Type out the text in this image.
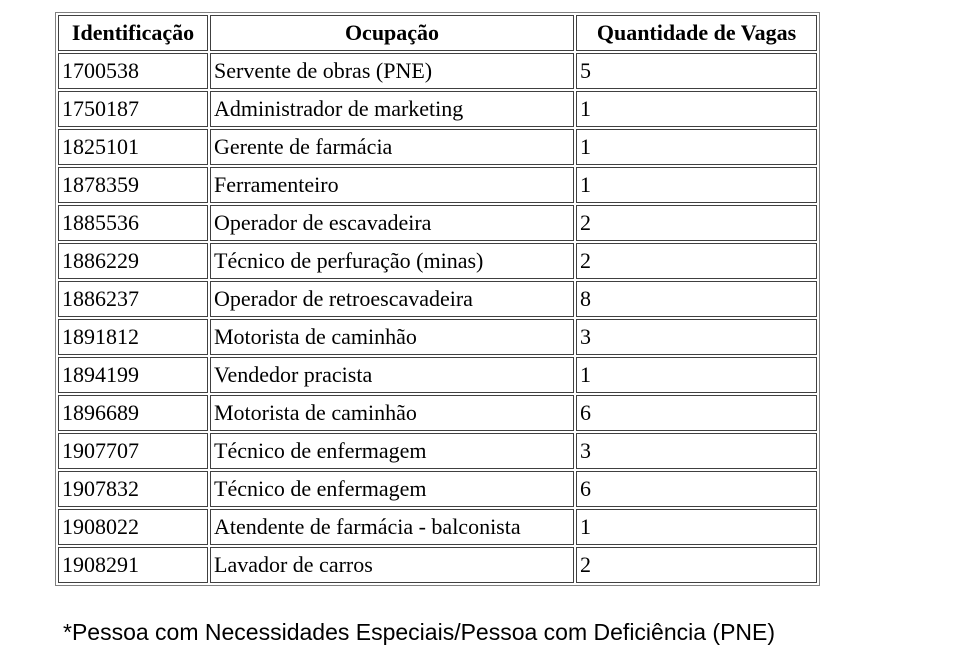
Identificação	Ocupação	Quantidade de Vagas
1700538	Servente de obras (PNE)	5
1750187	Administrador de marketing	1
1825101	Gerente de farmácia	1
1878359	Ferramenteiro	1
1885536	Operador de escavadeira	2
1886229	Técnico de perfuração (minas)	2
1886237	Operador de retroescavadeira	8
1891812	Motorista de caminhão	3
1894199	Vendedor pracista	1
1896689	Motorista de caminhão	6
1907707	Técnico de enfermagem	3
1907832	Técnico de enfermagem	6
1908022	Atendente de farmácia - balconista	1
1908291	Lavador de carros	2
*Pessoa com Necessidades Especiais/Pessoa com Deficiência (PNE)
